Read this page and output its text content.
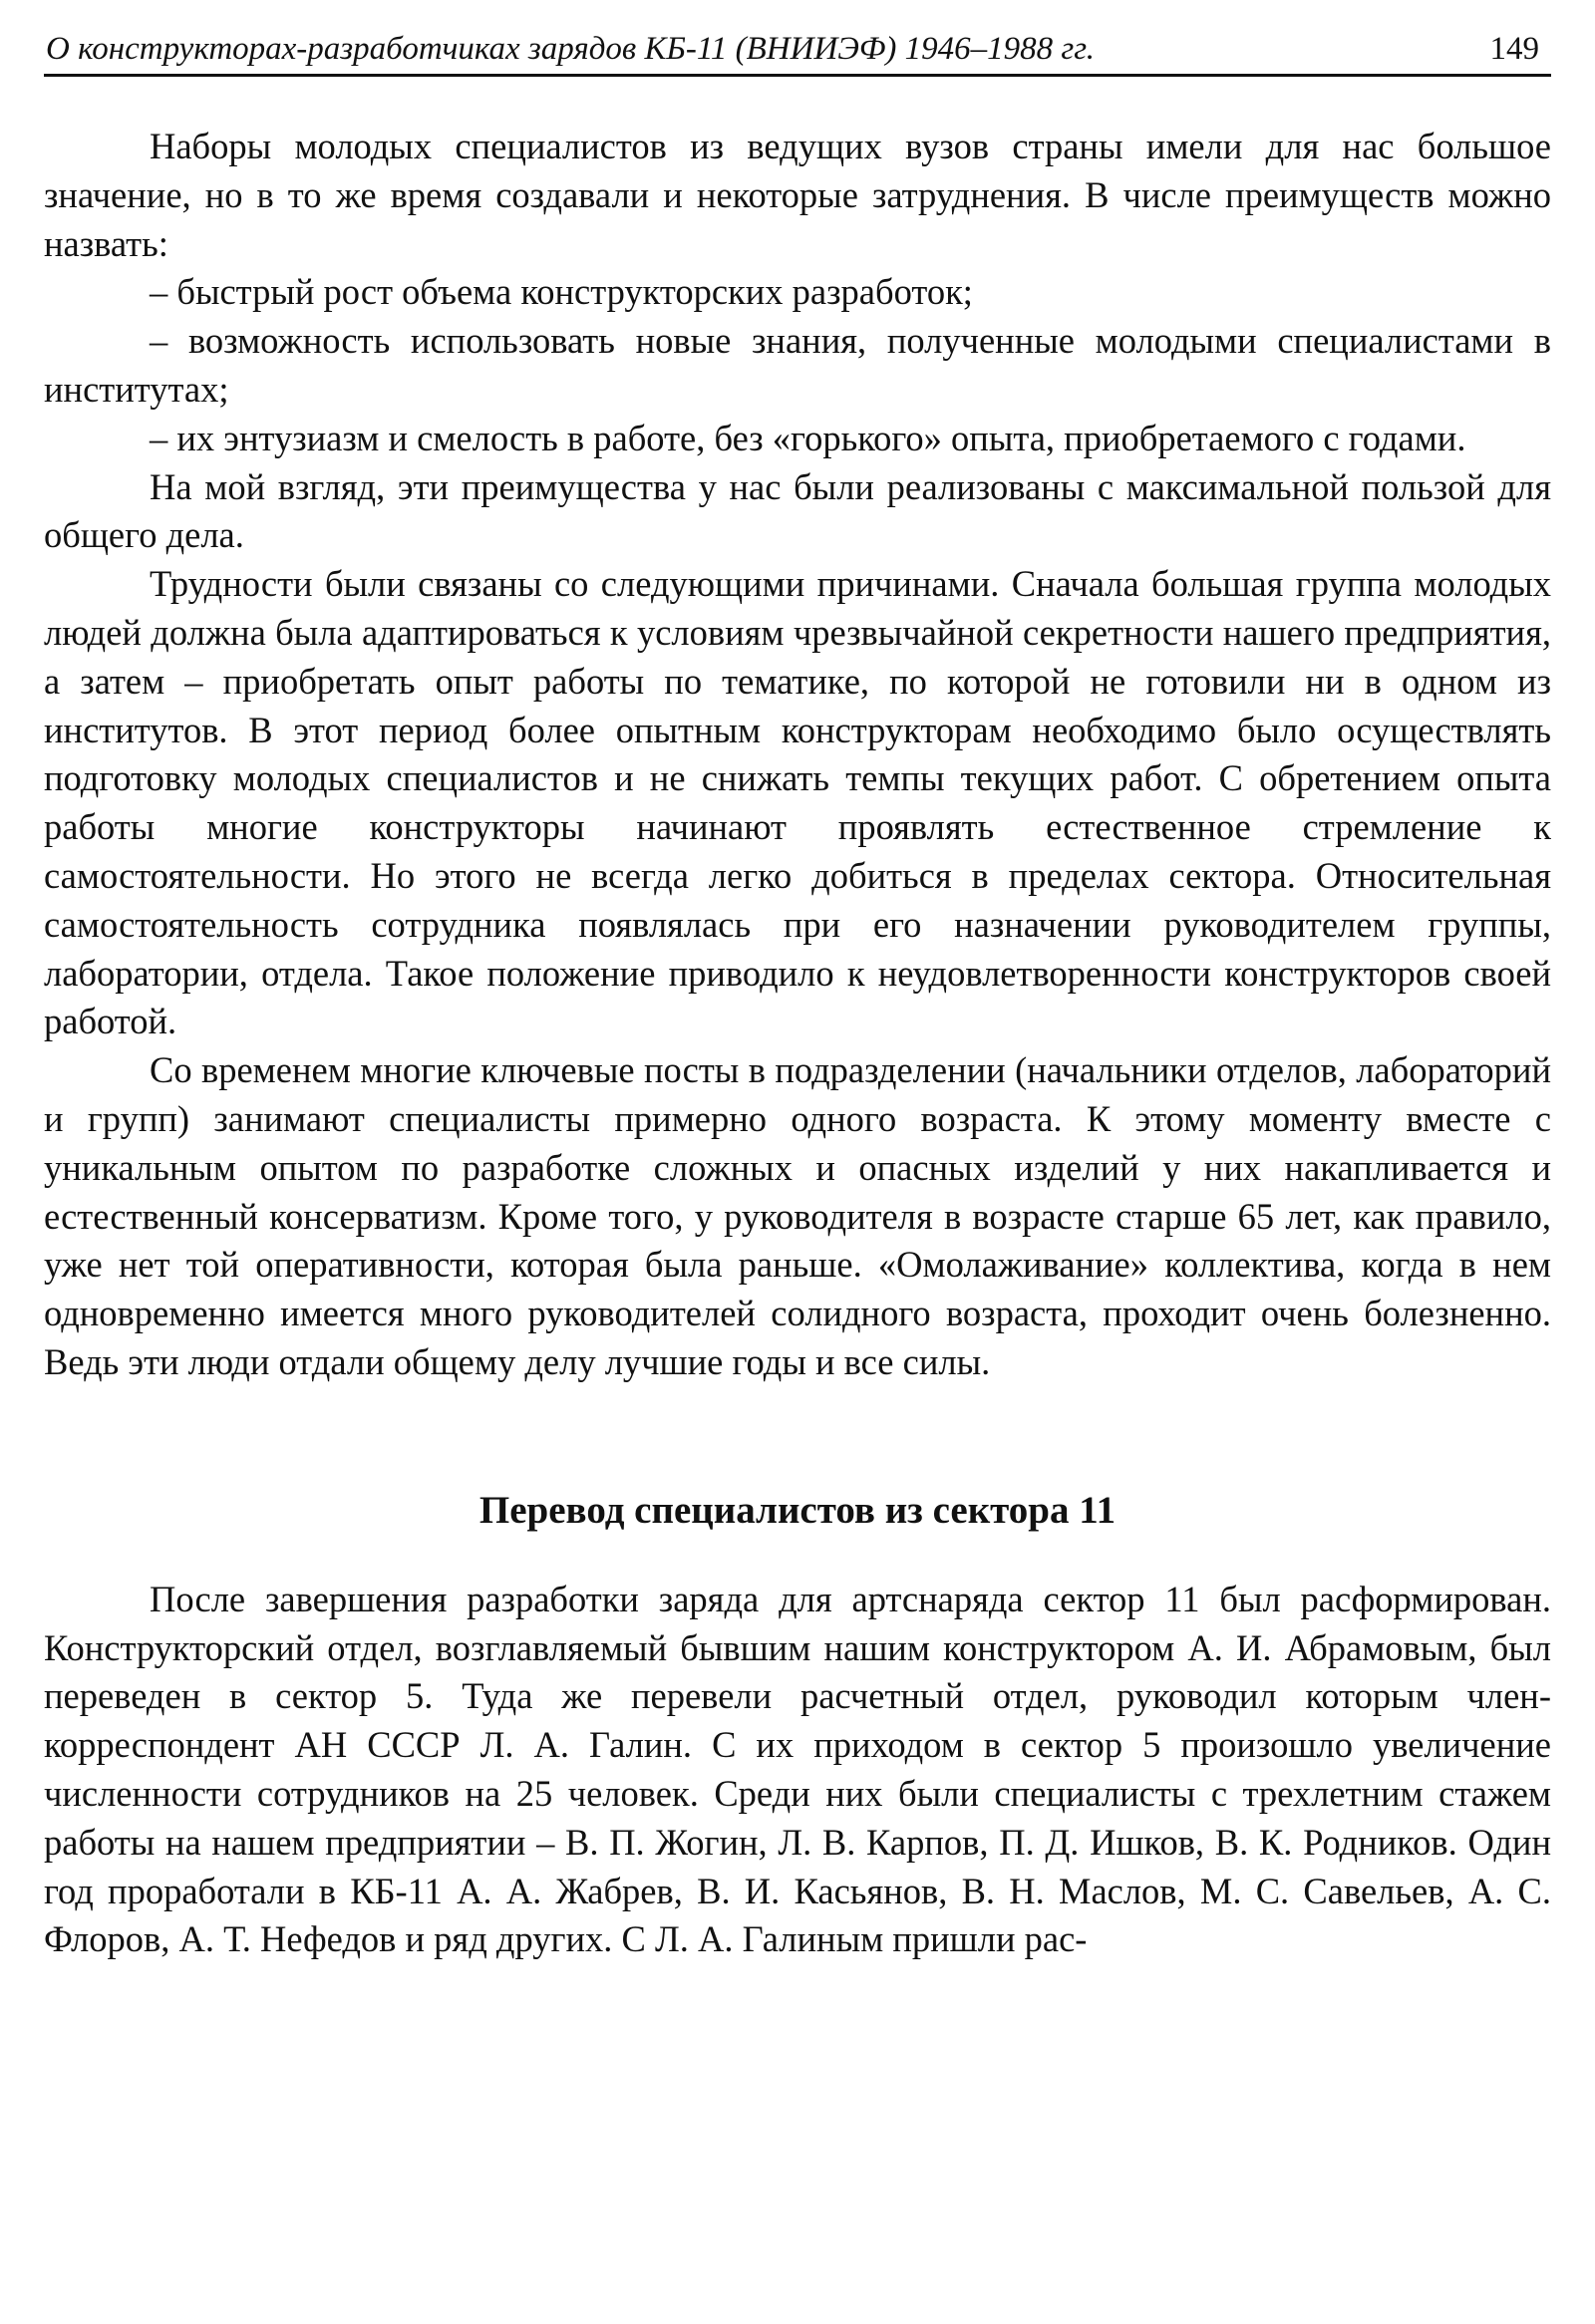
О конструкторах-разработчиках зарядов КБ-11 (ВНИИЭФ) 1946–1988 гг.	149

Наборы молодых специалистов из ведущих вузов страны имели для нас большое значение, но в то же время создавали и некоторые затруднения. В числе преимуществ можно назвать:

– быстрый рост объема конструкторских разработок;

– возможность использовать новые знания, полученные молодыми специалистами в институтах;

– их энтузиазм и смелость в работе, без «горького» опыта, приобретаемого с годами.

На мой взгляд, эти преимущества у нас были реализованы с максимальной пользой для общего дела.

Трудности были связаны со следующими причинами. Сначала большая группа молодых людей должна была адаптироваться к условиям чрезвычайной секретности нашего предприятия, а затем – приобретать опыт работы по тематике, по которой не готовили ни в одном из институтов. В этот период более опытным конструкторам необходимо было осуществлять подготовку молодых специалистов и не снижать темпы текущих работ. С обретением опыта работы многие конструкторы начинают проявлять естественное стремление к самостоятельности. Но этого не всегда легко добиться в пределах сектора. Относительная самостоятельность сотрудника появлялась при его назначении руководителем группы, лаборатории, отдела. Такое положение приводило к неудовлетворенности конструкторов своей работой.

Со временем многие ключевые посты в подразделении (начальники отделов, лабораторий и групп) занимают специалисты примерно одного возраста. К этому моменту вместе с уникальным опытом по разработке сложных и опасных изделий у них накапливается и естественный консерватизм. Кроме того, у руководителя в возрасте старше 65 лет, как правило, уже нет той оперативности, которая была раньше. «Омолаживание» коллектива, когда в нем одновременно имеется много руководителей солидного возраста, проходит очень болезненно. Ведь эти люди отдали общему делу лучшие годы и все силы.

Перевод специалистов из сектора 11

После завершения разработки заряда для артснаряда сектор 11 был расформирован. Конструкторский отдел, возглавляемый бывшим нашим конструктором А. И. Абрамовым, был переведен в сектор 5. Туда же перевели расчетный отдел, руководил которым член-корреспондент АН СССР Л. А. Галин. С их приходом в сектор 5 произошло увеличение численности сотрудников на 25 человек. Среди них были специалисты с трехлетним стажем работы на нашем предприятии – В. П. Жогин, Л. В. Карпов, П. Д. Ишков, В. К. Родников. Один год проработали в КБ-11 А. А. Жабрев, В. И. Касьянов, В. Н. Маслов, М. С. Савельев, А. С. Флоров, А. Т. Нефедов и ряд других. С Л. А. Галиным пришли рас-
